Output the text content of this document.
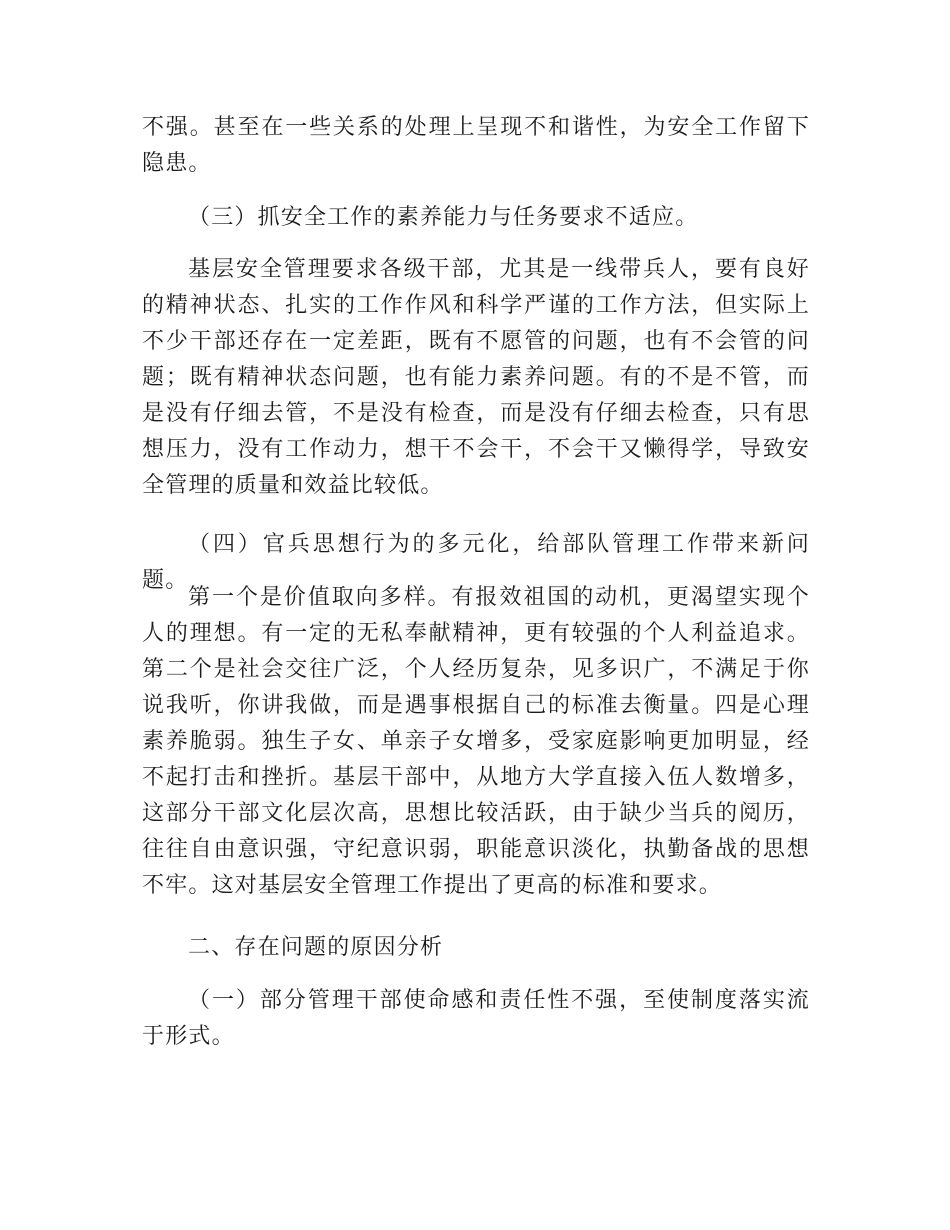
不强。甚至在一些关系的处理上呈现不和谐性，为安全工作留下隐患。

（三）抓安全工作的素养能力与任务要求不适应。

基层安全管理要求各级干部，尤其是一线带兵人，要有良好的精神状态、扎实的工作作风和科学严谨的工作方法，但实际上不少干部还存在一定差距，既有不愿管的问题，也有不会管的问题；既有精神状态问题，也有能力素养问题。有的不是不管，而是没有仔细去管，不是没有检查，而是没有仔细去检查，只有思想压力，没有工作动力，想干不会干，不会干又懒得学，导致安全管理的质量和效益比较低。

（四）官兵思想行为的多元化，给部队管理工作带来新问题。

第一个是价值取向多样。有报效祖国的动机，更渴望实现个人的理想。有一定的无私奉献精神，更有较强的个人利益追求。第二个是社会交往广泛，个人经历复杂，见多识广，不满足于你说我听，你讲我做，而是遇事根据自己的标准去衡量。四是心理素养脆弱。独生子女、单亲子女增多，受家庭影响更加明显，经不起打击和挫折。基层干部中，从地方大学直接入伍人数增多，这部分干部文化层次高，思想比较活跃，由于缺少当兵的阅历，往往自由意识强，守纪意识弱，职能意识淡化，执勤备战的思想不牢。这对基层安全管理工作提出了更高的标准和要求。

二、存在问题的原因分析

（一）部分管理干部使命感和责任性不强，至使制度落实流于形式。
